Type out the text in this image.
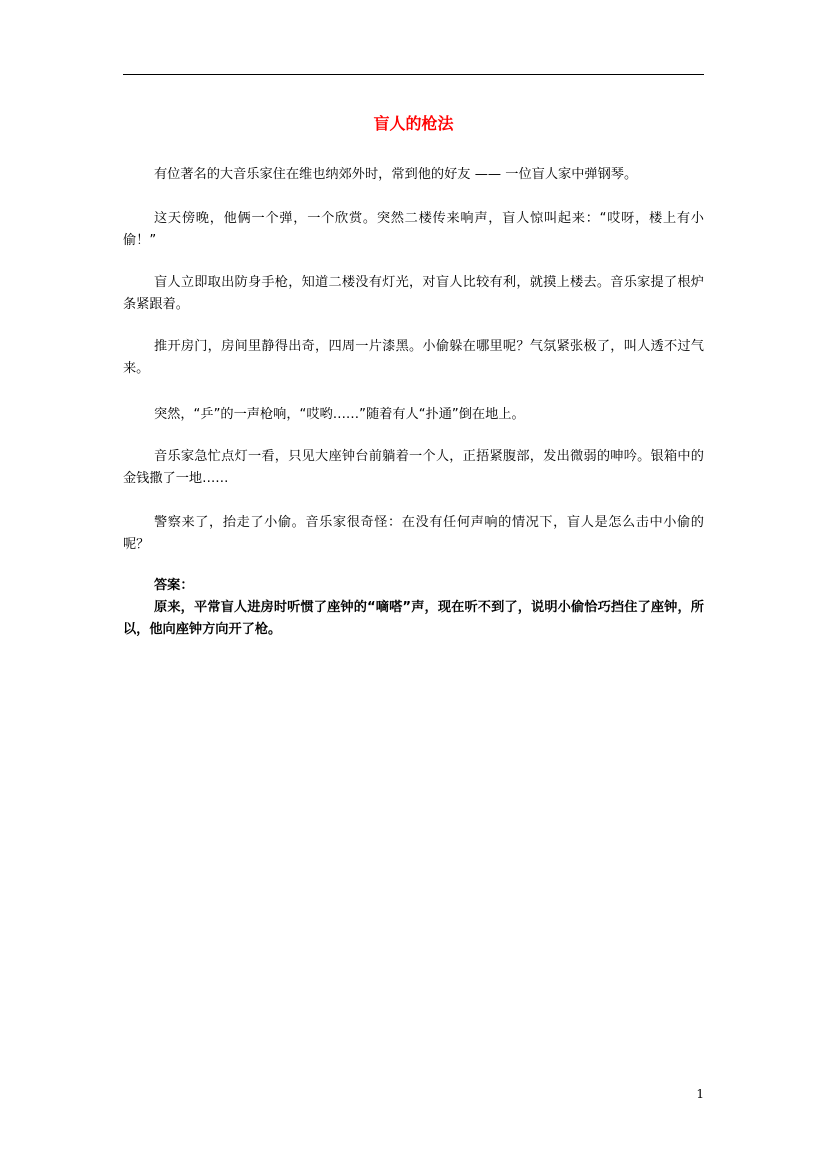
盲人的枪法

有位著名的大音乐家住在维也纳郊外时，常到他的好友 —— 一位盲人家中弹钢琴。

这天傍晚，他俩一个弹，一个欣赏。突然二楼传来响声，盲人惊叫起来：“哎呀，楼上有小偷！”

盲人立即取出防身手枪，知道二楼没有灯光，对盲人比较有利，就摸上楼去。音乐家提了根炉条紧跟着。

推开房门，房间里静得出奇，四周一片漆黑。小偷躲在哪里呢？气氛紧张极了，叫人透不过气来。

突然，“乒”的一声枪响，“哎哟……”随着有人“扑通”倒在地上。

音乐家急忙点灯一看，只见大座钟台前躺着一个人，正捂紧腹部，发出微弱的呻吟。银箱中的金钱撒了一地……

警察来了，抬走了小偷。音乐家很奇怪：在没有任何声响的情况下，盲人是怎么击中小偷的呢？

答案：

原来，平常盲人进房时听惯了座钟的“嘀嗒”声，现在听不到了，说明小偷恰巧挡住了座钟，所以，他向座钟方向开了枪。

1
